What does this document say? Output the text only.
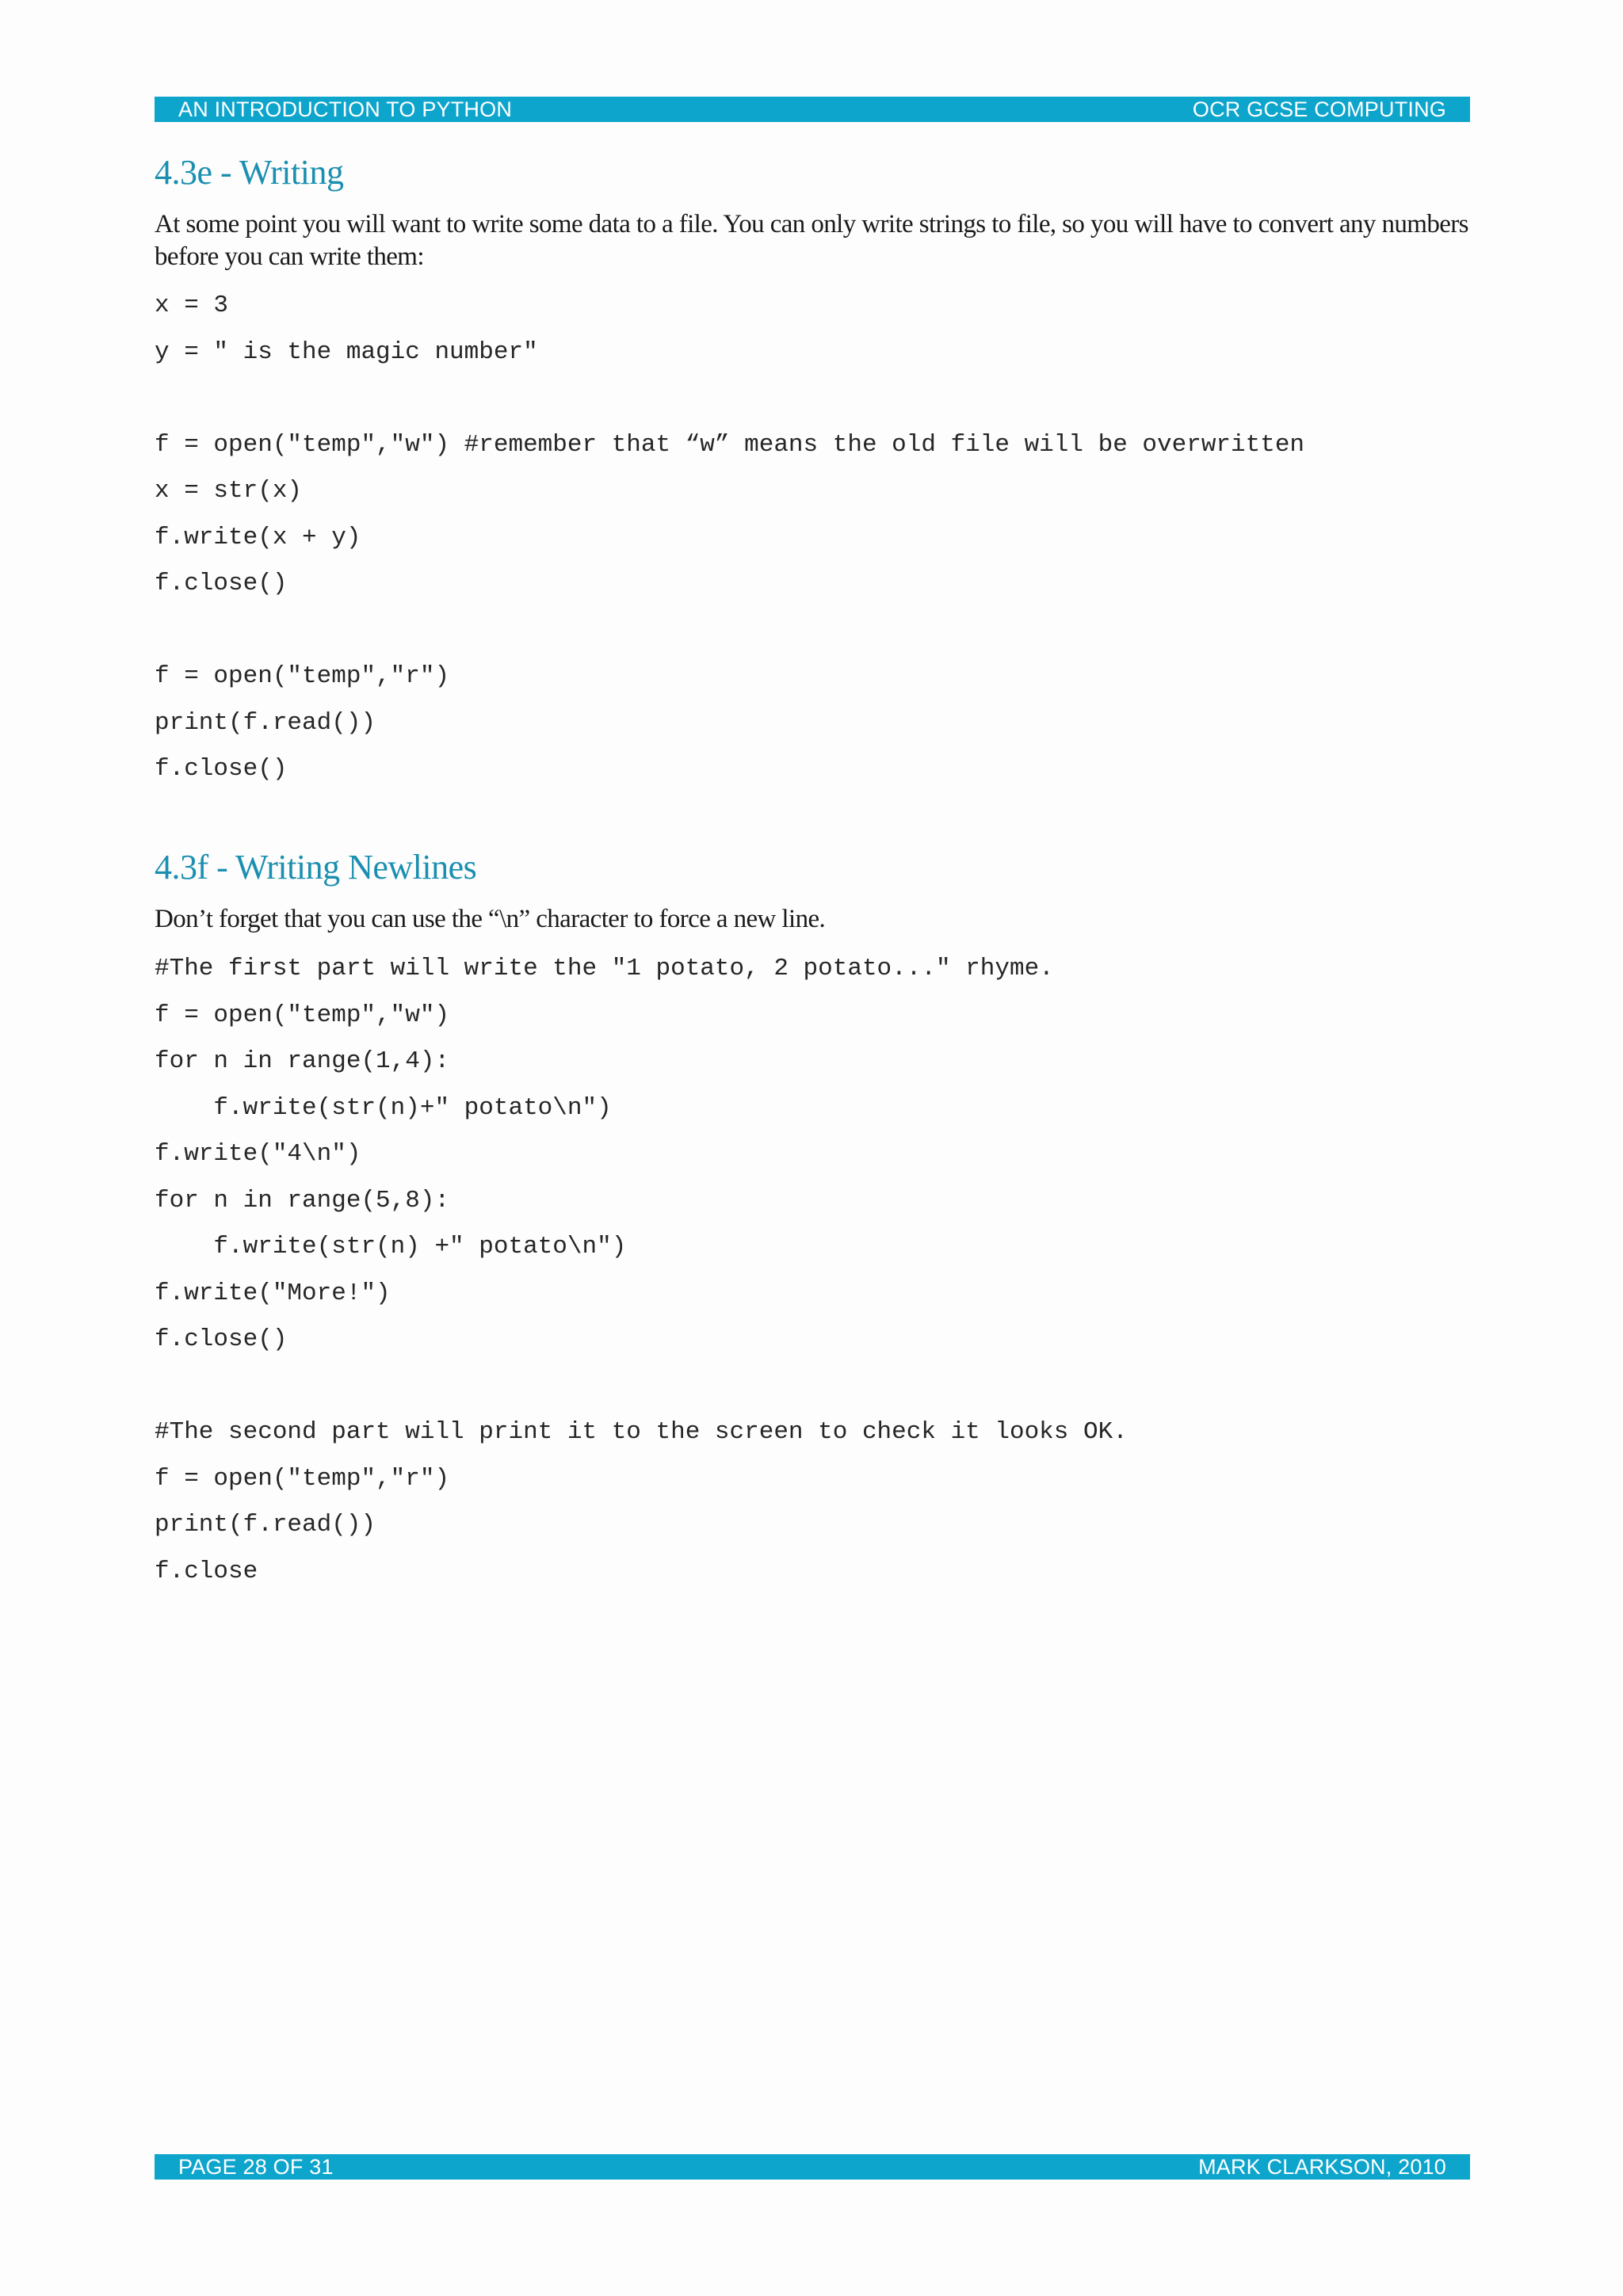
AN INTRODUCTION TO PYTHON	OCR GCSE COMPUTING
4.3e - Writing

At some point you will want to write some data to a file. You can only write strings to file, so you will have to convert any numbers before you can write them:

x = 3
y = " is the magic number"
f = open("temp","w") #remember that “w” means the old file will be overwritten
x = str(x)
f.write(x + y)
f.close()
f = open("temp","r")
print(f.read())
f.close()
4.3f - Writing Newlines

Don’t forget that you can use the “\n” character to force a new line.

#The first part will write the "1 potato, 2 potato..." rhyme.
f = open("temp","w")
for n in range(1,4):
f.write(str(n)+" potato\n")
f.write("4\n")
for n in range(5,8):
f.write(str(n) +" potato\n")
f.write("More!")
f.close()
#The second part will print it to the screen to check it looks OK.
f = open("temp","r")
print(f.read())
f.close
PAGE 28 OF 31	MARK CLARKSON, 2010
